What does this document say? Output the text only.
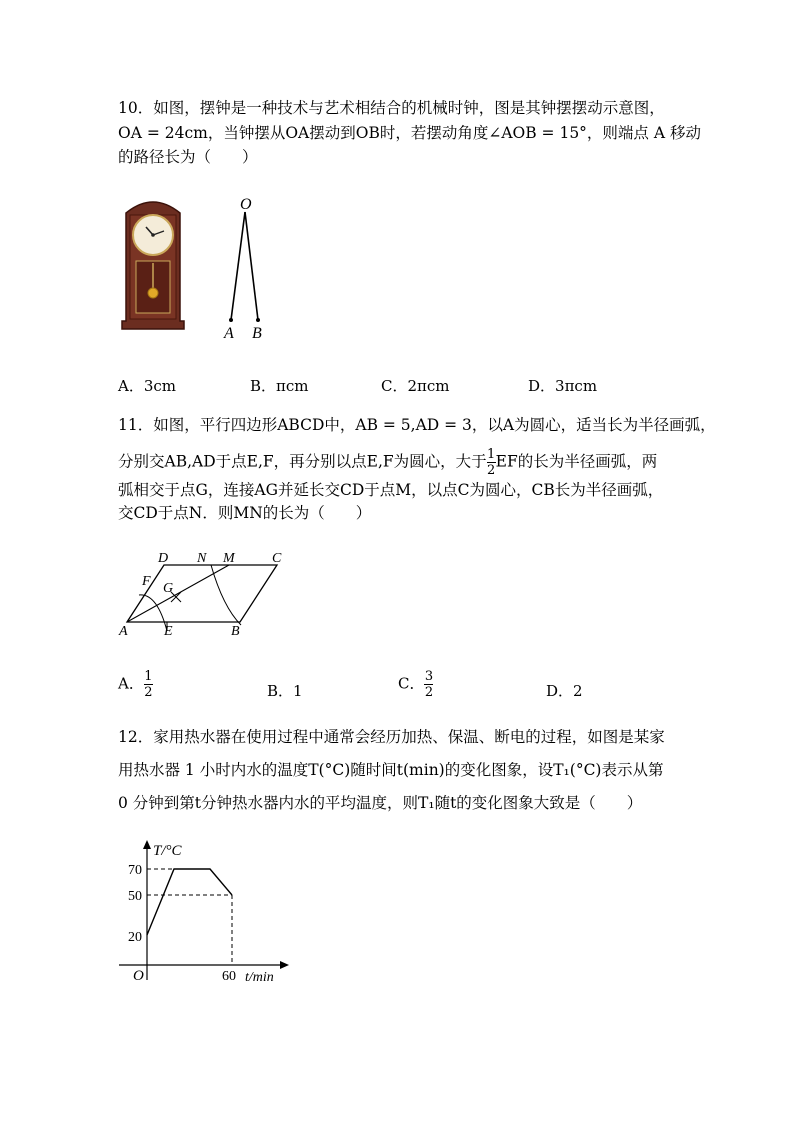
10．如图，摆钟是一种技术与艺术相结合的机械时钟，图是其钟摆摆动示意图，
OA = 24cm，当钟摆从OA摆动到OB时，若摆动角度∠AOB = 15°，则端点 A 移动
的路径长为（　　）
O
A B
A．3cm	B．πcm	C．2πcm	D．3πcm
11．如图，平行四边形ABCD中，AB = 5,AD = 3，以A为圆心，适当长为半径画弧，
分别交AB,AD于点E,F，再分别以点E,F为圆心，大于 $\frac{1}{2}$ EF的长为半径画弧，两
弧相交于点G，连接AG并延长交CD于点M，以点C为圆心，CB长为半径画弧，
交CD于点N．则MN的长为（　　）
D N M	C
F G
A	E	B
A． $\frac{1}{2}$	B．1	C． $\frac{3}{2}$	D．2
12．家用热水器在使用过程中通常会经历加热、保温、断电的过程，如图是某家
用热水器 1 小时内水的温度T(°C)随时间t(min)的变化图象，设T₁(°C)表示从第
0 分钟到第t分钟热水器内水的平均温度，则T₁随t的变化图象大致是（　　）
T/°C
70
50
20
O	60 t/min
